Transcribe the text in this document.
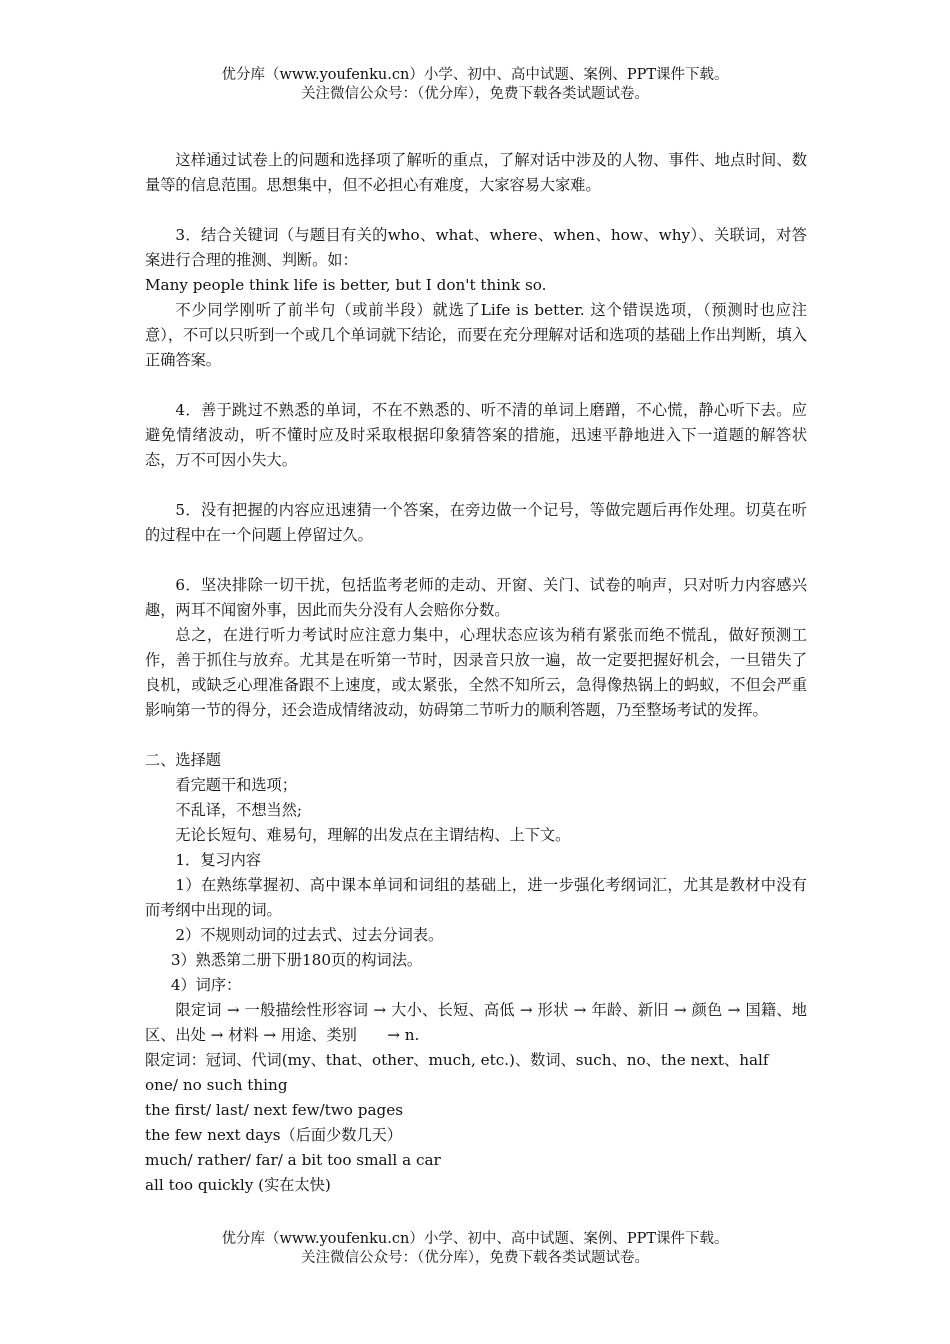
优分库（www.youfenku.cn）小学、初中、高中试题、案例、PPT课件下载。
关注微信公众号：（优分库），免费下载各类试题试卷。

这样通过试卷上的问题和选择项了解听的重点，了解对话中涉及的人物、事件、地点时间、数量等的信息范围。思想集中，但不必担心有难度，大家容易大家难。

3．结合关键词（与题目有关的who、what、where、when、how、why）、关联词，对答案进行合理的推测、判断。如：

Many people think life is better, but I don't think so.

不少同学刚听了前半句（或前半段）就选了Life is better. 这个错误选项，（预测时也应注意），不可以只听到一个或几个单词就下结论，而要在充分理解对话和选项的基础上作出判断，填入正确答案。

4．善于跳过不熟悉的单词，不在不熟悉的、听不清的单词上磨蹭，不心慌，静心听下去。应避免情绪波动，听不懂时应及时采取根据印象猜答案的措施，迅速平静地进入下一道题的解答状态，万不可因小失大。

5．没有把握的内容应迅速猜一个答案，在旁边做一个记号，等做完题后再作处理。切莫在听的过程中在一个问题上停留过久。

6．坚决排除一切干扰，包括监考老师的走动、开窗、关门、试卷的响声，只对听力内容感兴趣，两耳不闻窗外事，因此而失分没有人会赔你分数。

总之，在进行听力考试时应注意力集中，心理状态应该为稍有紧张而绝不慌乱，做好预测工作，善于抓住与放弃。尤其是在听第一节时，因录音只放一遍，故一定要把握好机会，一旦错失了良机，或缺乏心理准备跟不上速度，或太紧张，全然不知所云，急得像热锅上的蚂蚁，不但会严重影响第一节的得分，还会造成情绪波动，妨碍第二节听力的顺利答题，乃至整场考试的发挥。

二、选择题

看完题干和选项；

不乱译，不想当然;

无论长短句、难易句，理解的出发点在主谓结构、上下文。

1．复习内容

1）在熟练掌握初、高中课本单词和词组的基础上，进一步强化考纲词汇，尤其是教材中没有而考纲中出现的词。

2）不规则动词的过去式、过去分词表。

3）熟悉第二册下册180页的构词法。

4）词序：

限定词 → 一般描绘性形容词 → 大小、长短、高低 → 形状 → 年龄、新旧 → 颜色 → 国籍、地区、出处 → 材料 → 用途、类别　　→ n.

限定词：冠词、代词(my、that、other、much, etc.)、数词、such、no、the next、half

one/ no such thing

the first/ last/ next few/two pages

the few next days（后面少数几天）

much/ rather/ far/ a bit too small a car

all too quickly (实在太快)

优分库（www.youfenku.cn）小学、初中、高中试题、案例、PPT课件下载。
关注微信公众号：（优分库），免费下载各类试题试卷。
